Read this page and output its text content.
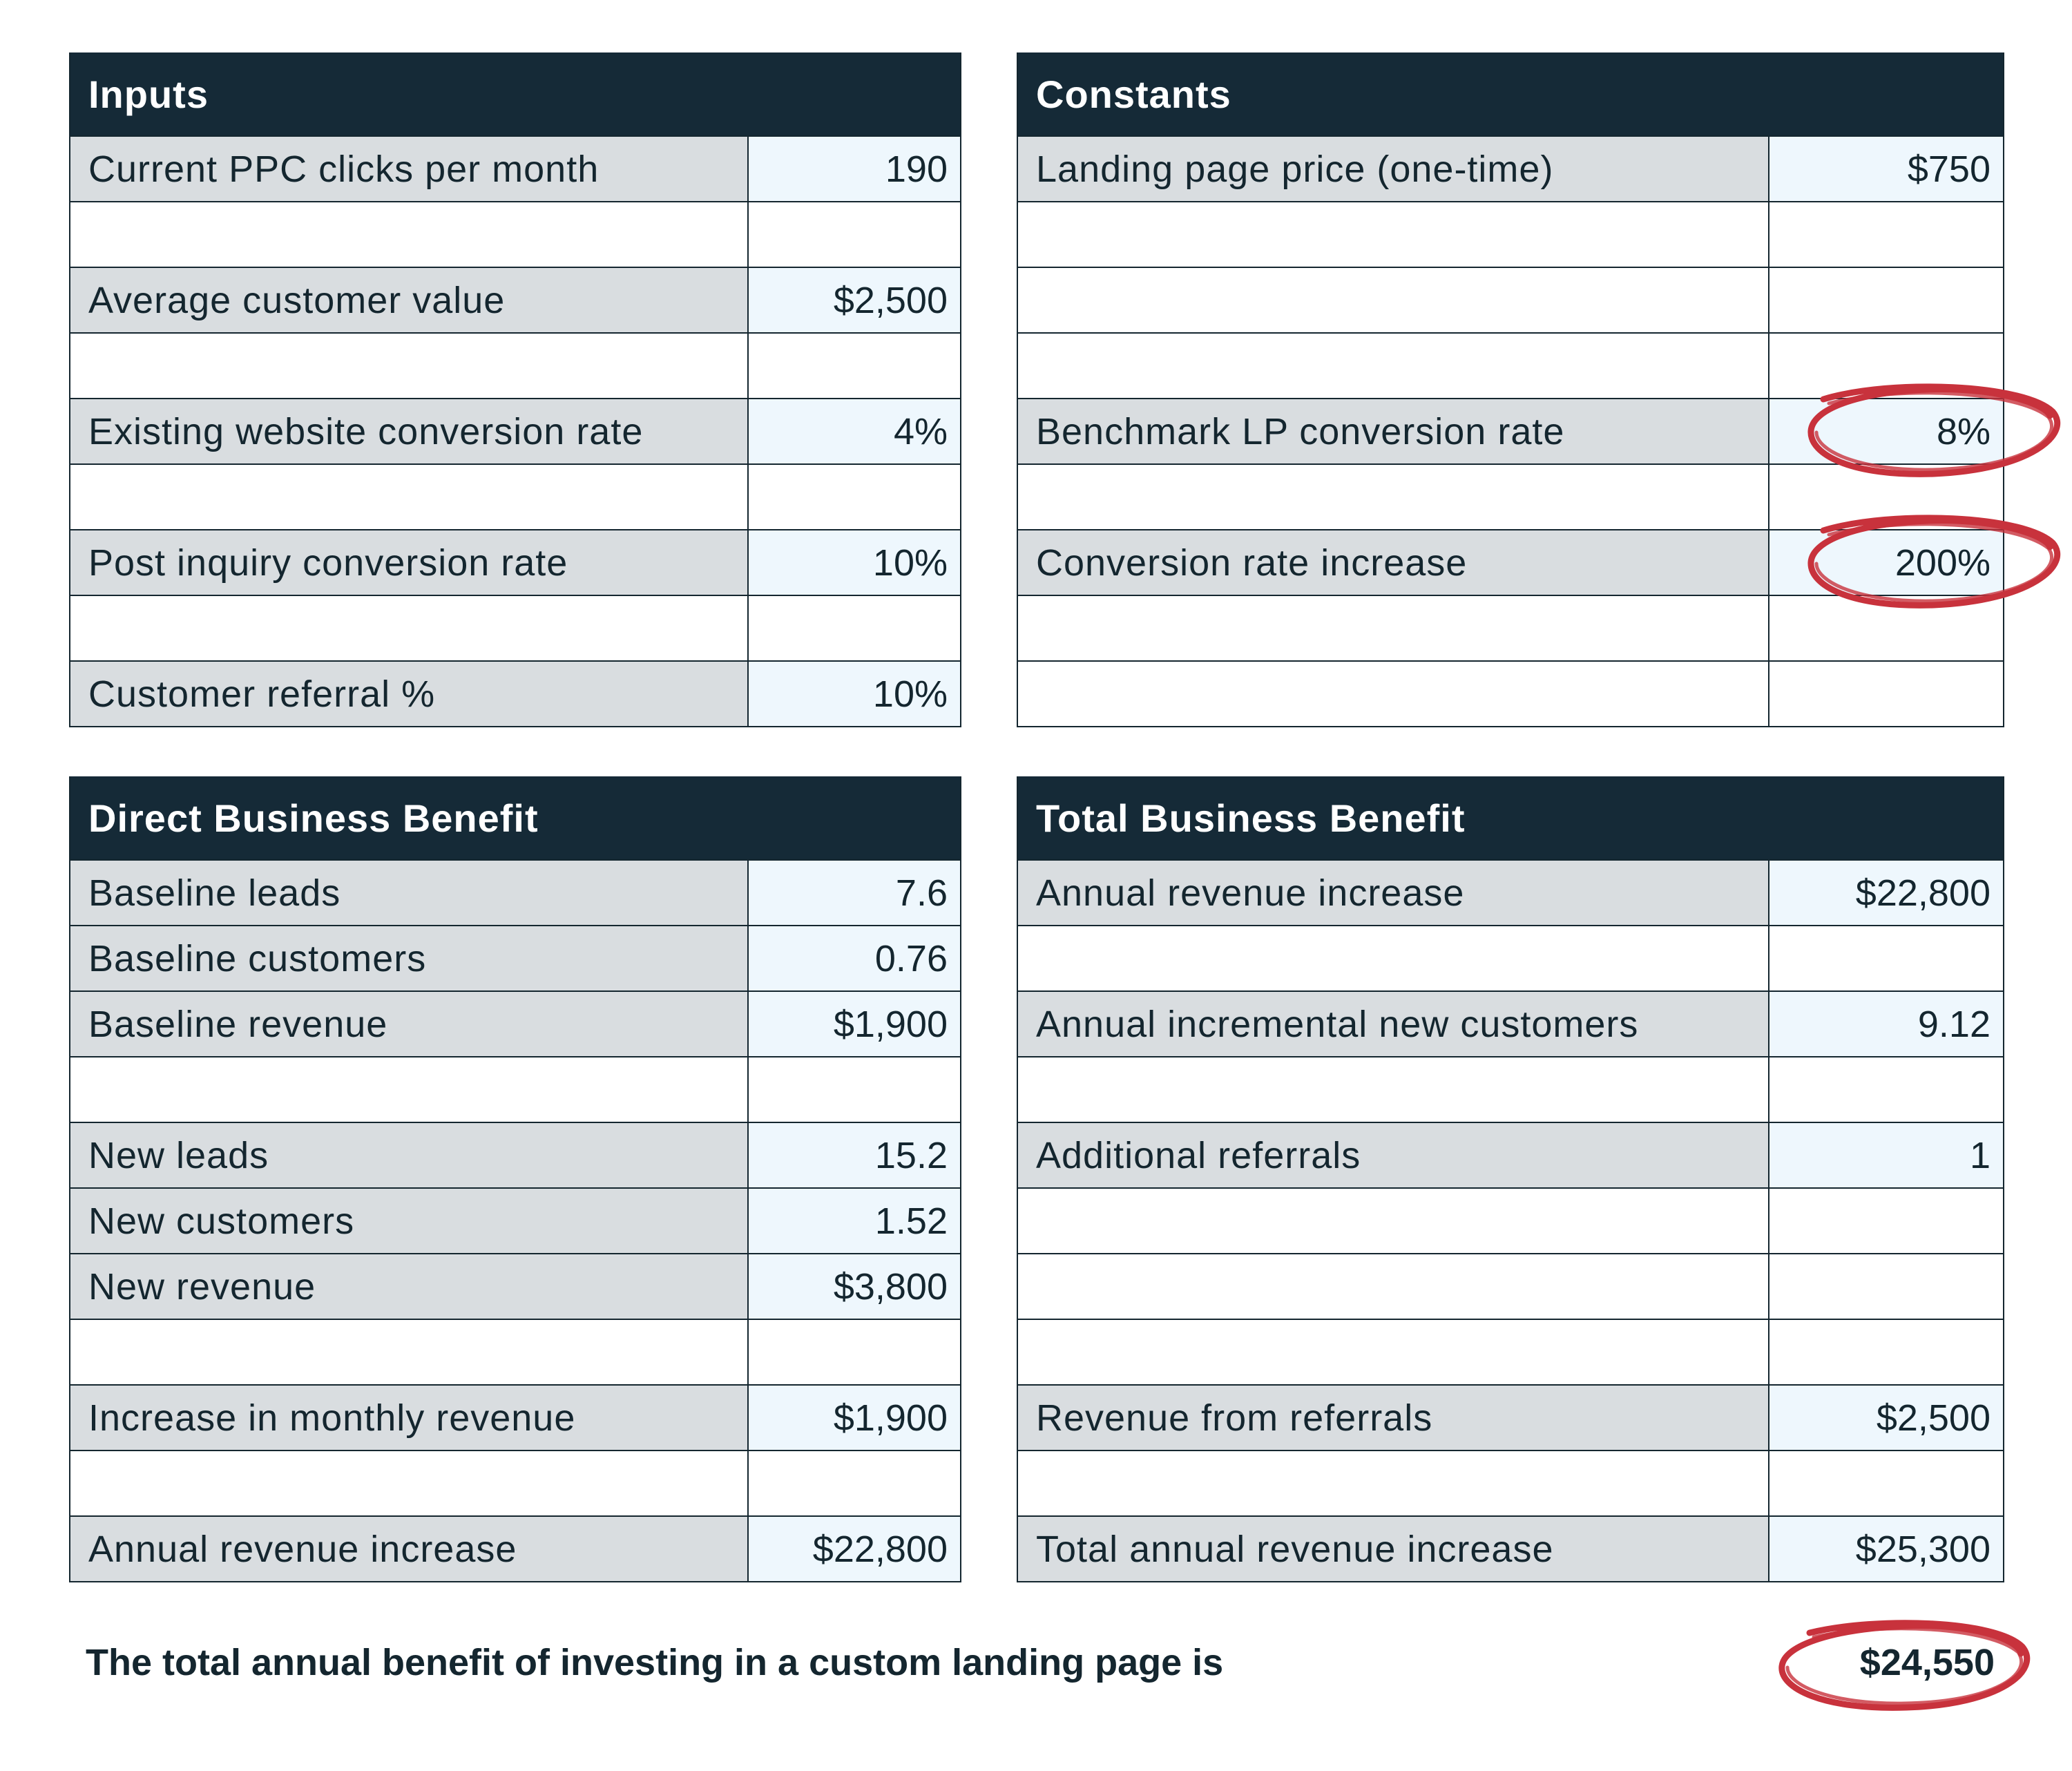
Inputs
Current PPC clicks per month	190
Average customer value	$2,500
Existing website conversion rate	4%
Post inquiry conversion rate	10%
Customer referral %	10%
Constants
Landing page price (one-time)	$750
Benchmark LP conversion rate	8%
Conversion rate increase	200%
Direct Business Benefit
Baseline leads	7.6
Baseline customers	0.76
Baseline revenue	$1,900
New leads	15.2
New customers	1.52
New revenue	$3,800
Increase in monthly revenue	$1,900
Annual revenue increase	$22,800
Total Business Benefit
Annual revenue increase	$22,800
Annual incremental new customers	9.12
Additional referrals	1
Revenue from referrals	$2,500
Total annual revenue increase	$25,300
The total annual benefit of investing in a custom landing page is	$24,550
